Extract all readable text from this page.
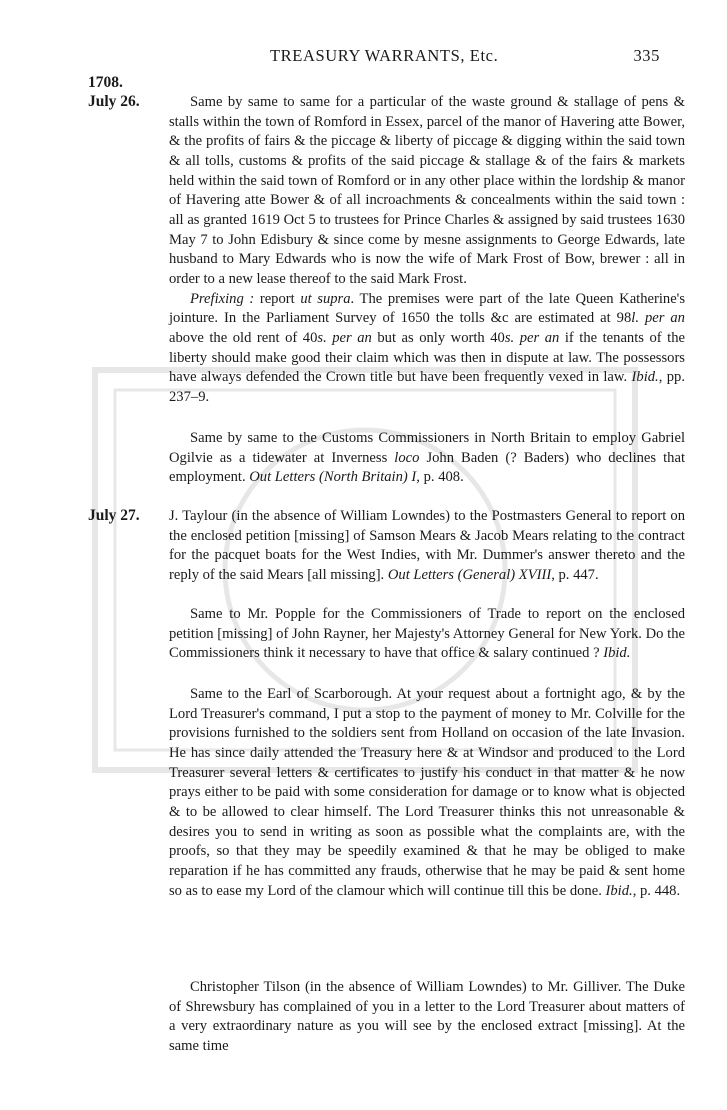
TREASURY WARRANTS, Etc.	335
1708.
July 26.	Same by same to same for a particular of the waste ground & stallage of pens & stalls within the town of Romford in Essex, parcel of the manor of Havering atte Bower, & the profits of fairs & the piccage & liberty of piccage & digging within the said town & all tolls, customs & profits of the said piccage & stallage & of the fairs & markets held within the said town of Romford or in any other place within the lordship & manor of Havering atte Bower & of all incroachments & concealments within the said town : all as granted 1619 Oct 5 to trustees for Prince Charles & assigned by said trustees 1630 May 7 to John Edisbury & since come by mesne assignments to George Edwards, late husband to Mary Edwards who is now the wife of Mark Frost of Bow, brewer : all in order to a new lease thereof to the said Mark Frost.

Prefixing : report ut supra. The premises were part of the late Queen Katherine's jointure. In the Parliament Survey of 1650 the tolls &c are estimated at 98l. per an above the old rent of 40s. per an but as only worth 40s. per an if the tenants of the liberty should make good their claim which was then in dispute at law. The possessors have always defended the Crown title but have been frequently vexed in law. Ibid., pp. 237–9.

Same by same to the Customs Commissioners in North Britain to employ Gabriel Ogilvie as a tidewater at Inverness loco John Baden (? Baders) who declines that employment. Out Letters (North Britain) I, p. 408.

July 27.	J. Taylour (in the absence of William Lowndes) to the Postmasters General to report on the enclosed petition [missing] of Samson Mears & Jacob Mears relating to the contract for the pacquet boats for the West Indies, with Mr. Dummer's answer thereto and the reply of the said Mears [all missing]. Out Letters (General) XVIII, p. 447.

Same to Mr. Popple for the Commissioners of Trade to report on the enclosed petition [missing] of John Rayner, her Majesty's Attorney General for New York. Do the Commissioners think it necessary to have that office & salary continued ? Ibid.

Same to the Earl of Scarborough. At your request about a fortnight ago, & by the Lord Treasurer's command, I put a stop to the payment of money to Mr. Colville for the provisions furnished to the soldiers sent from Holland on occasion of the late Invasion. He has since daily attended the Treasury here & at Windsor and produced to the Lord Treasurer several letters & certificates to justify his conduct in that matter & he now prays either to be paid with some consideration for damage or to know what is objected & to be allowed to clear himself. The Lord Treasurer thinks this not unreasonable & desires you to send in writing as soon as possible what the complaints are, with the proofs, so that they may be speedily examined & that he may be obliged to make reparation if he has committed any frauds, otherwise that he may be paid & sent home so as to ease my Lord of the clamour which will continue till this be done. Ibid., p. 448.

Christopher Tilson (in the absence of William Lowndes) to Mr. Gilliver. The Duke of Shrewsbury has complained of you in a letter to the Lord Treasurer about matters of a very extraordinary nature as you will see by the enclosed extract [missing]. At the same time
